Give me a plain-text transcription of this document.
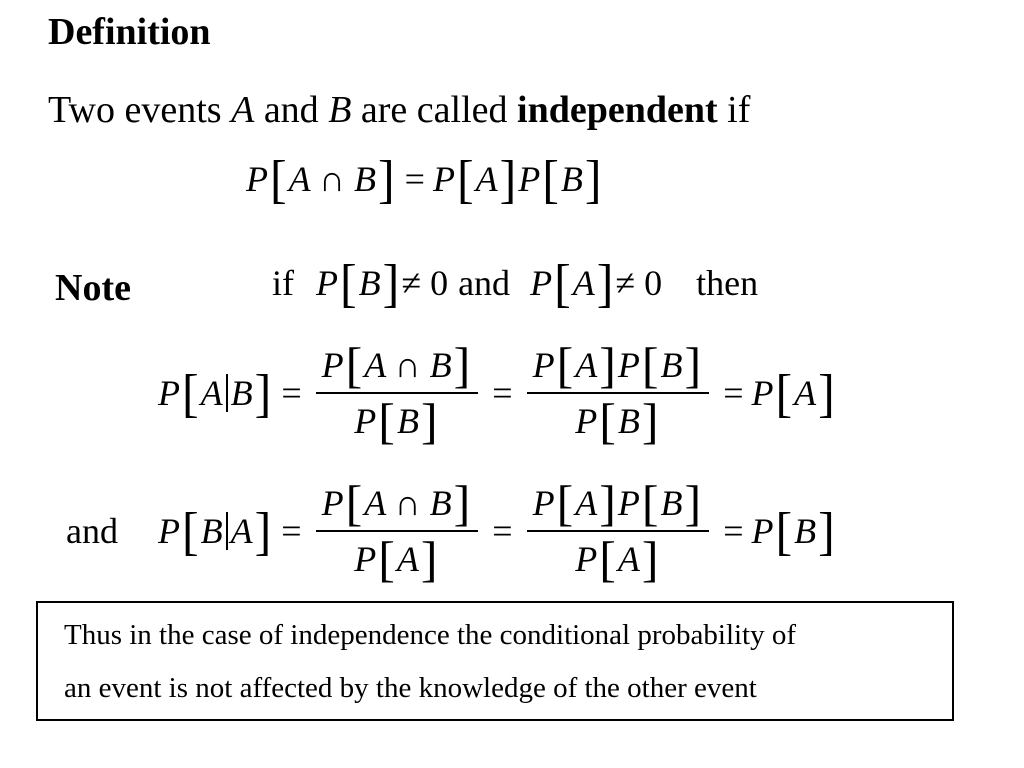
Definition
Two events A and B are called independent if
P [ A ∩ B ] = P [ A ] P [ B ]
Note	if P [ B ] ≠ 0 and P [ A ] ≠ 0 then
P [ A B ] = $\frac{P [ A \cap B ]}{P [ B ]} = \frac{P [ A ] P [ B ]}{P [ B ]} = P$ [ A ]
and P [ B A ] = $\frac{P [ A \cap B ]}{P [ A ]} = \frac{P [ A ] P [ B ]}{P [ A ]} = P$ [ B ]
Thus in the case of independence the conditional probability of
an event is not affected by the knowledge of the other event
